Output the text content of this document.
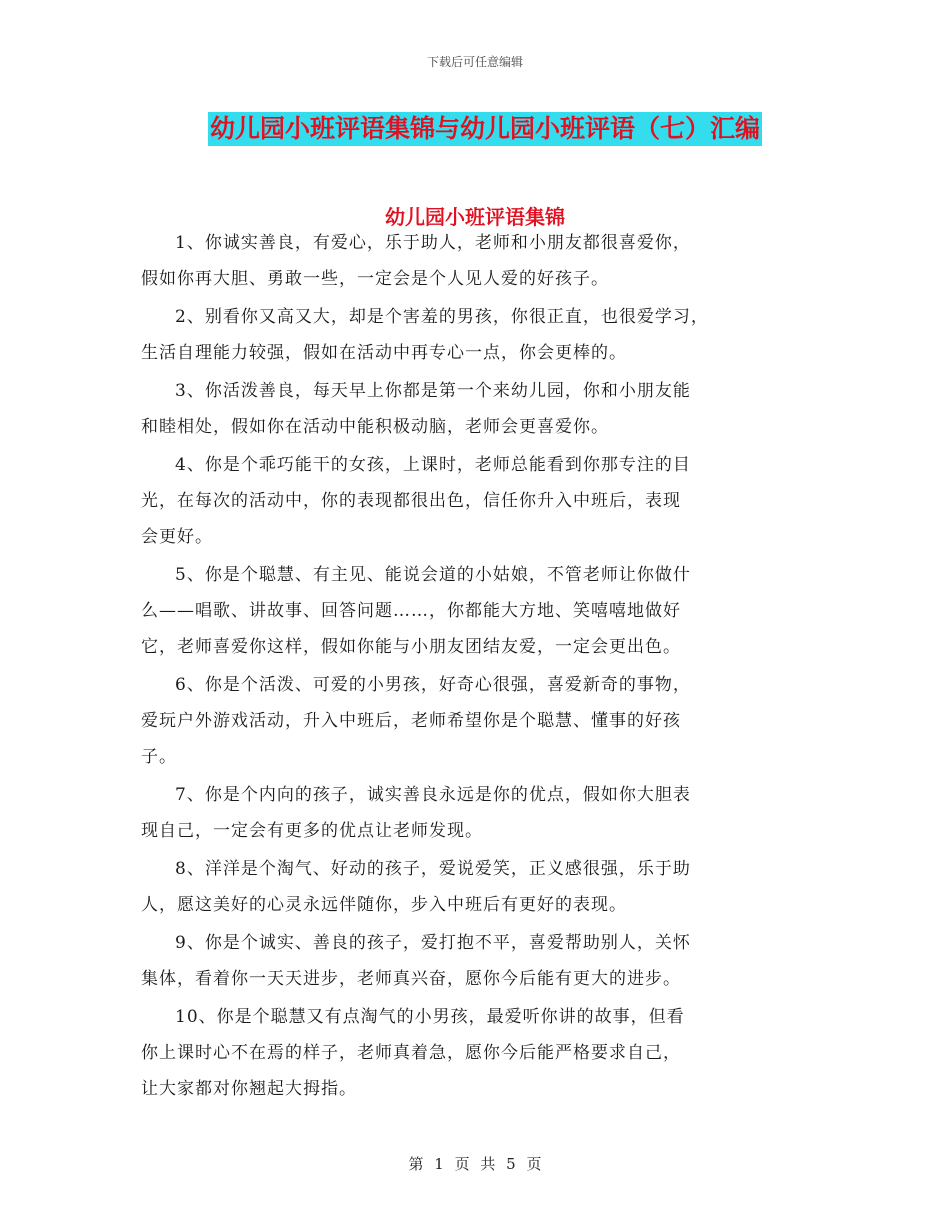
下载后可任意编辑
幼儿园小班评语集锦与幼儿园小班评语（七）汇编
幼儿园小班评语集锦

1、你诚实善良，有爱心，乐于助人，老师和小朋友都很喜爱你，
假如你再大胆、勇敢一些，一定会是个人见人爱的好孩子。

2、别看你又高又大，却是个害羞的男孩，你很正直，也很爱学习，
生活自理能力较强，假如在活动中再专心一点，你会更棒的。

3、你活泼善良，每天早上你都是第一个来幼儿园，你和小朋友能
和睦相处，假如你在活动中能积极动脑，老师会更喜爱你。

4、你是个乖巧能干的女孩，上课时，老师总能看到你那专注的目
光，在每次的活动中，你的表现都很出色，信任你升入中班后，表现
会更好。

5、你是个聪慧、有主见、能说会道的小姑娘，不管老师让你做什
么——唱歌、讲故事、回答问题……，你都能大方地、笑嘻嘻地做好
它，老师喜爱你这样，假如你能与小朋友团结友爱，一定会更出色。

6、你是个活泼、可爱的小男孩，好奇心很强，喜爱新奇的事物，
爱玩户外游戏活动，升入中班后，老师希望你是个聪慧、懂事的好孩
子。

7、你是个内向的孩子，诚实善良永远是你的优点，假如你大胆表
现自己，一定会有更多的优点让老师发现。

8、洋洋是个淘气、好动的孩子，爱说爱笑，正义感很强，乐于助
人，愿这美好的心灵永远伴随你，步入中班后有更好的表现。

9、你是个诚实、善良的孩子，爱打抱不平，喜爱帮助别人，关怀
集体，看着你一天天进步，老师真兴奋，愿你今后能有更大的进步。

10、你是个聪慧又有点淘气的小男孩，最爱听你讲的故事，但看
你上课时心不在焉的样子，老师真着急，愿你今后能严格要求自己，
让大家都对你翘起大拇指。

第 1 页 共 5 页
